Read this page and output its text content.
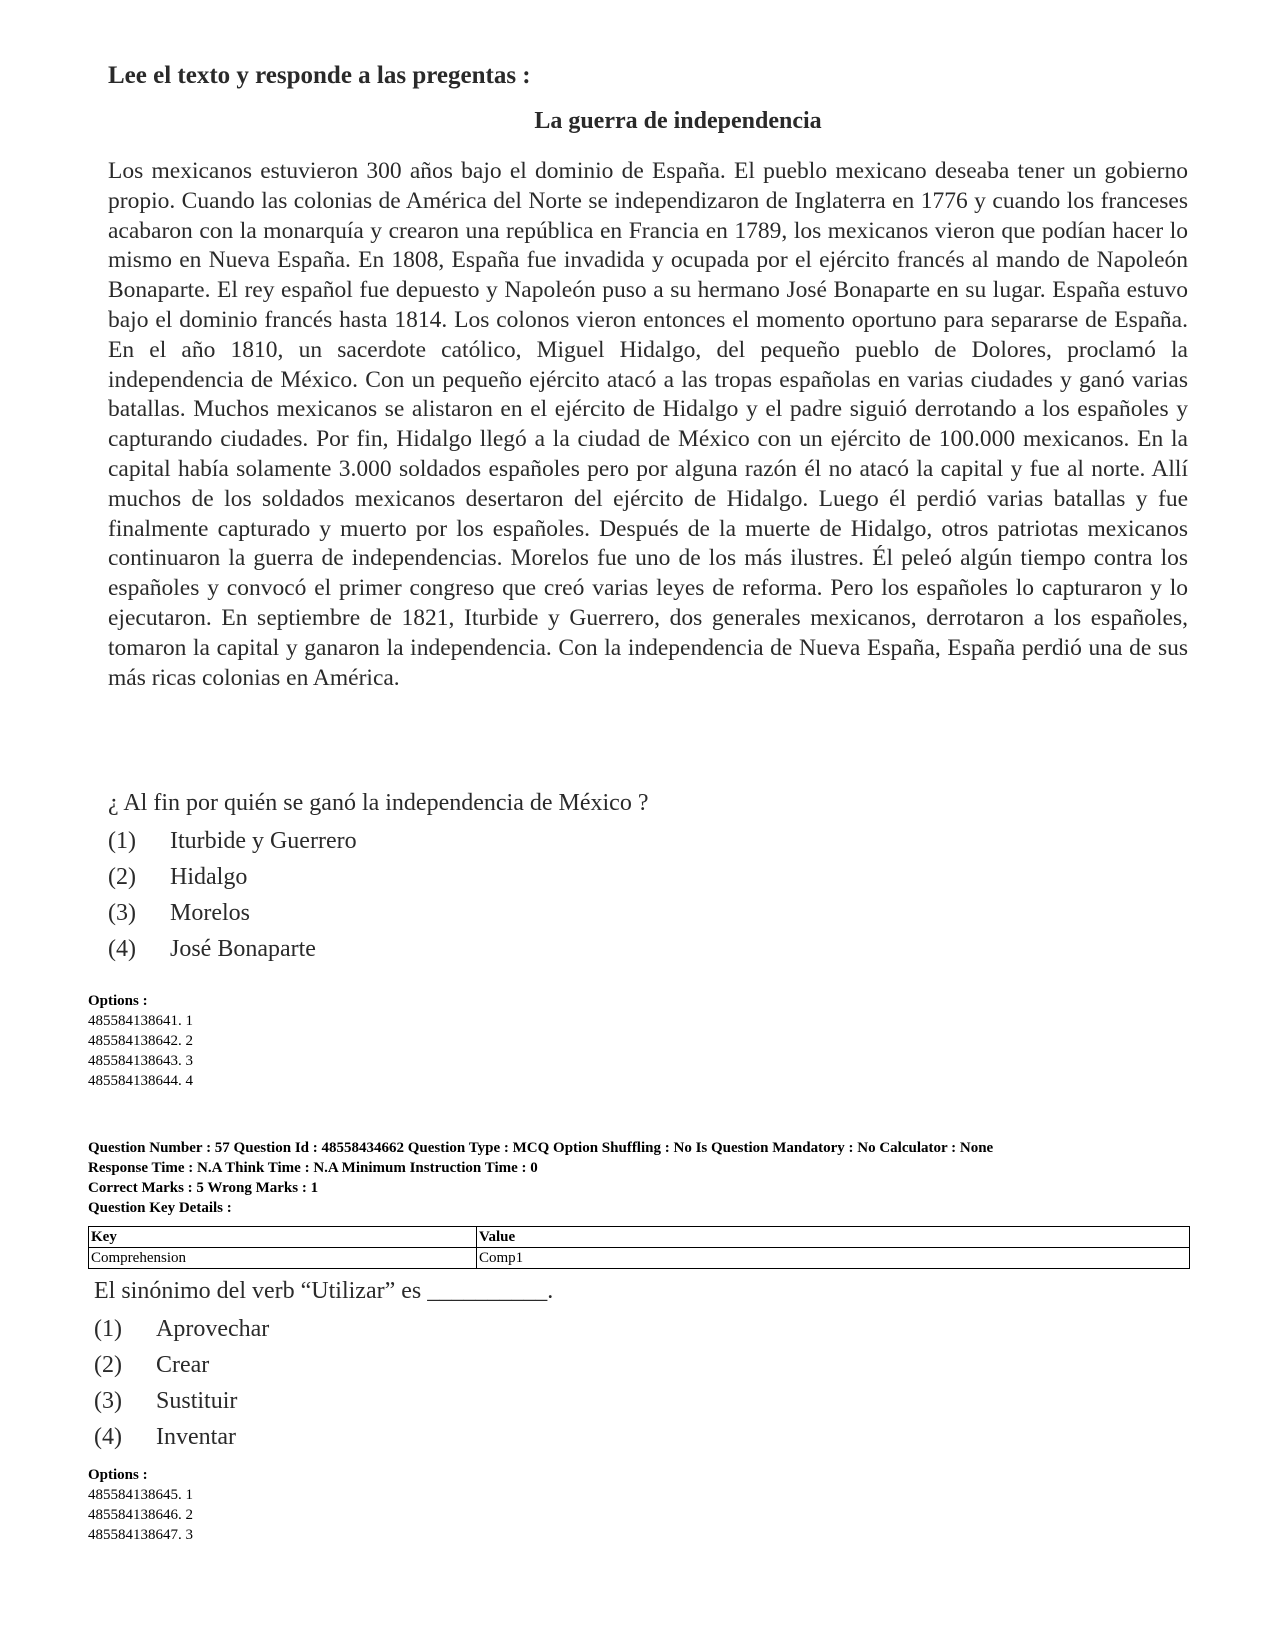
Lee el texto y responde a las pregentas :

La guerra de independencia

Los mexicanos estuvieron 300 años bajo el dominio de España. El pueblo mexicano deseaba tener un gobierno propio. Cuando las colonias de América del Norte se independizaron de Inglaterra en 1776 y cuando los franceses acabaron con la monarquía y crearon una república en Francia en 1789, los mexicanos vieron que podían hacer lo mismo en Nueva España. En 1808, España fue invadida y ocupada por el ejército francés al mando de Napoleón Bonaparte. El rey español fue depuesto y Napoleón puso a su hermano José Bonaparte en su lugar. España estuvo bajo el dominio francés hasta 1814. Los colonos vieron entonces el momento oportuno para separarse de España. En el año 1810, un sacerdote católico, Miguel Hidalgo, del pequeño pueblo de Dolores, proclamó la independencia de México. Con un pequeño ejército atacó a las tropas españolas en varias ciudades y ganó varias batallas. Muchos mexicanos se alistaron en el ejército de Hidalgo y el padre siguió derrotando a los españoles y capturando ciudades. Por fin, Hidalgo llegó a la ciudad de México con un ejército de 100.000 mexicanos. En la capital había solamente 3.000 soldados españoles pero por alguna razón él no atacó la capital y fue al norte. Allí muchos de los soldados mexicanos desertaron del ejército de Hidalgo. Luego él perdió varias batallas y fue finalmente capturado y muerto por los españoles. Después de la muerte de Hidalgo, otros patriotas mexicanos continuaron la guerra de independencias. Morelos fue uno de los más ilustres. Él peleó algún tiempo contra los españoles y convocó el primer congreso que creó varias leyes de reforma. Pero los españoles lo capturaron y lo ejecutaron. En septiembre de 1821, Iturbide y Guerrero, dos generales mexicanos, derrotaron a los españoles, tomaron la capital y ganaron la independencia. Con la independencia de Nueva España, España perdió una de sus más ricas colonias en América.

¿ Al fin por quién se ganó la independencia de México ?

(1)	Iturbide y Guerrero
(2)	Hidalgo
(3)	Morelos
(4)	José Bonaparte
Options :
485584138641. 1
485584138642. 2
485584138643. 3
485584138644. 4
Question Number : 57 Question Id : 48558434662 Question Type : MCQ Option Shuffling : No Is Question Mandatory : No Calculator : None
Response Time : N.A Think Time : N.A Minimum Instruction Time : 0
Correct Marks : 5 Wrong Marks : 1
Question Key Details :
Key	Value
Comprehension	Comp1

El sinónimo del verb “Utilizar” es __________.

(1)	Aprovechar
(2)	Crear
(3)	Sustituir
(4)	Inventar
Options :
485584138645. 1
485584138646. 2
485584138647. 3
